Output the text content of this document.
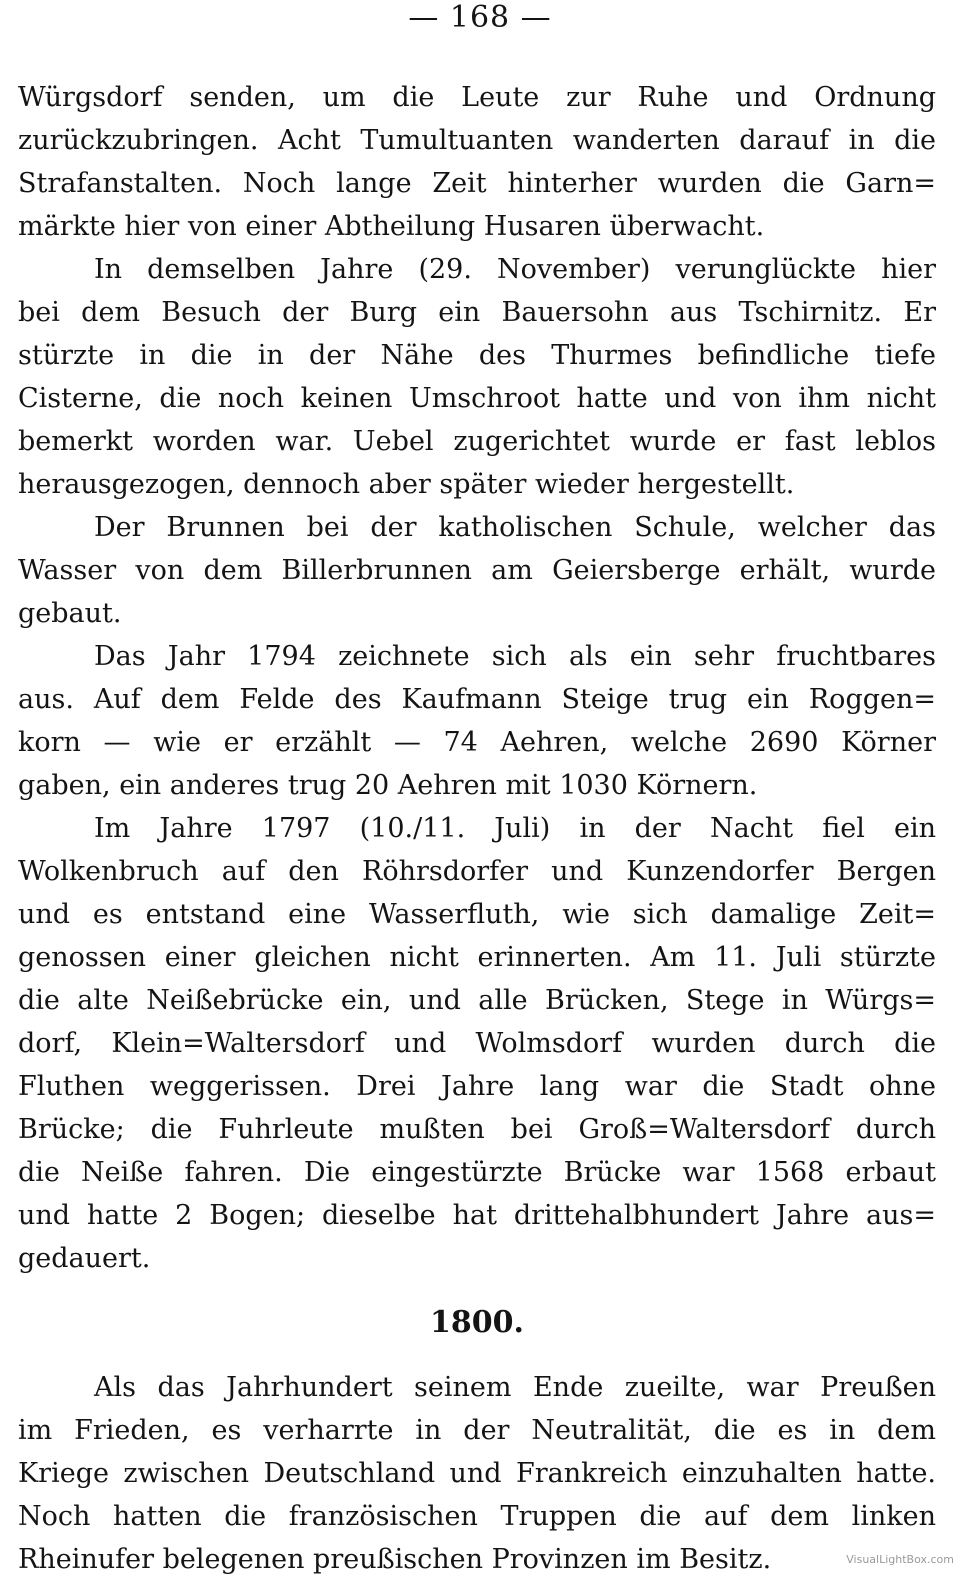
— 168 —
Würgsdorf senden, um die Leute zur Ruhe und Ordnung
zurückzubringen. Acht Tumultuanten wanderten darauf in die
Strafanstalten. Noch lange Zeit hinterher wurden die Garn=
märkte hier von einer Abtheilung Husaren überwacht.
In demselben Jahre (29. November) verunglückte hier
bei dem Besuch der Burg ein Bauersohn aus Tschirnitz. Er
stürzte in die in der Nähe des Thurmes befindliche tiefe
Cisterne, die noch keinen Umschroot hatte und von ihm nicht
bemerkt worden war. Uebel zugerichtet wurde er fast leblos
herausgezogen, dennoch aber später wieder hergestellt.
Der Brunnen bei der katholischen Schule, welcher das
Wasser von dem Billerbrunnen am Geiersberge erhält, wurde
gebaut.
Das Jahr 1794 zeichnete sich als ein sehr fruchtbares
aus. Auf dem Felde des Kaufmann Steige trug ein Roggen=
korn — wie er erzählt — 74 Aehren, welche 2690 Körner
gaben, ein anderes trug 20 Aehren mit 1030 Körnern.
Im Jahre 1797 (10./11. Juli) in der Nacht fiel ein
Wolkenbruch auf den Röhrsdorfer und Kunzendorfer Bergen
und es entstand eine Wasserfluth, wie sich damalige Zeit=
genossen einer gleichen nicht erinnerten. Am 11. Juli stürzte
die alte Neißebrücke ein, und alle Brücken, Stege in Würgs=
dorf, Klein=Waltersdorf und Wolmsdorf wurden durch die
Fluthen weggerissen. Drei Jahre lang war die Stadt ohne
Brücke; die Fuhrleute mußten bei Groß=Waltersdorf durch
die Neiße fahren. Die eingestürzte Brücke war 1568 erbaut
und hatte 2 Bogen; dieselbe hat drittehalbhundert Jahre aus=
gedauert.
1800.
Als das Jahrhundert seinem Ende zueilte, war Preußen
im Frieden, es verharrte in der Neutralität, die es in dem
Kriege zwischen Deutschland und Frankreich einzuhalten hatte.
Noch hatten die französischen Truppen die auf dem linken
Rheinufer belegenen preußischen Provinzen im Besitz.	VisualLightBox.com
